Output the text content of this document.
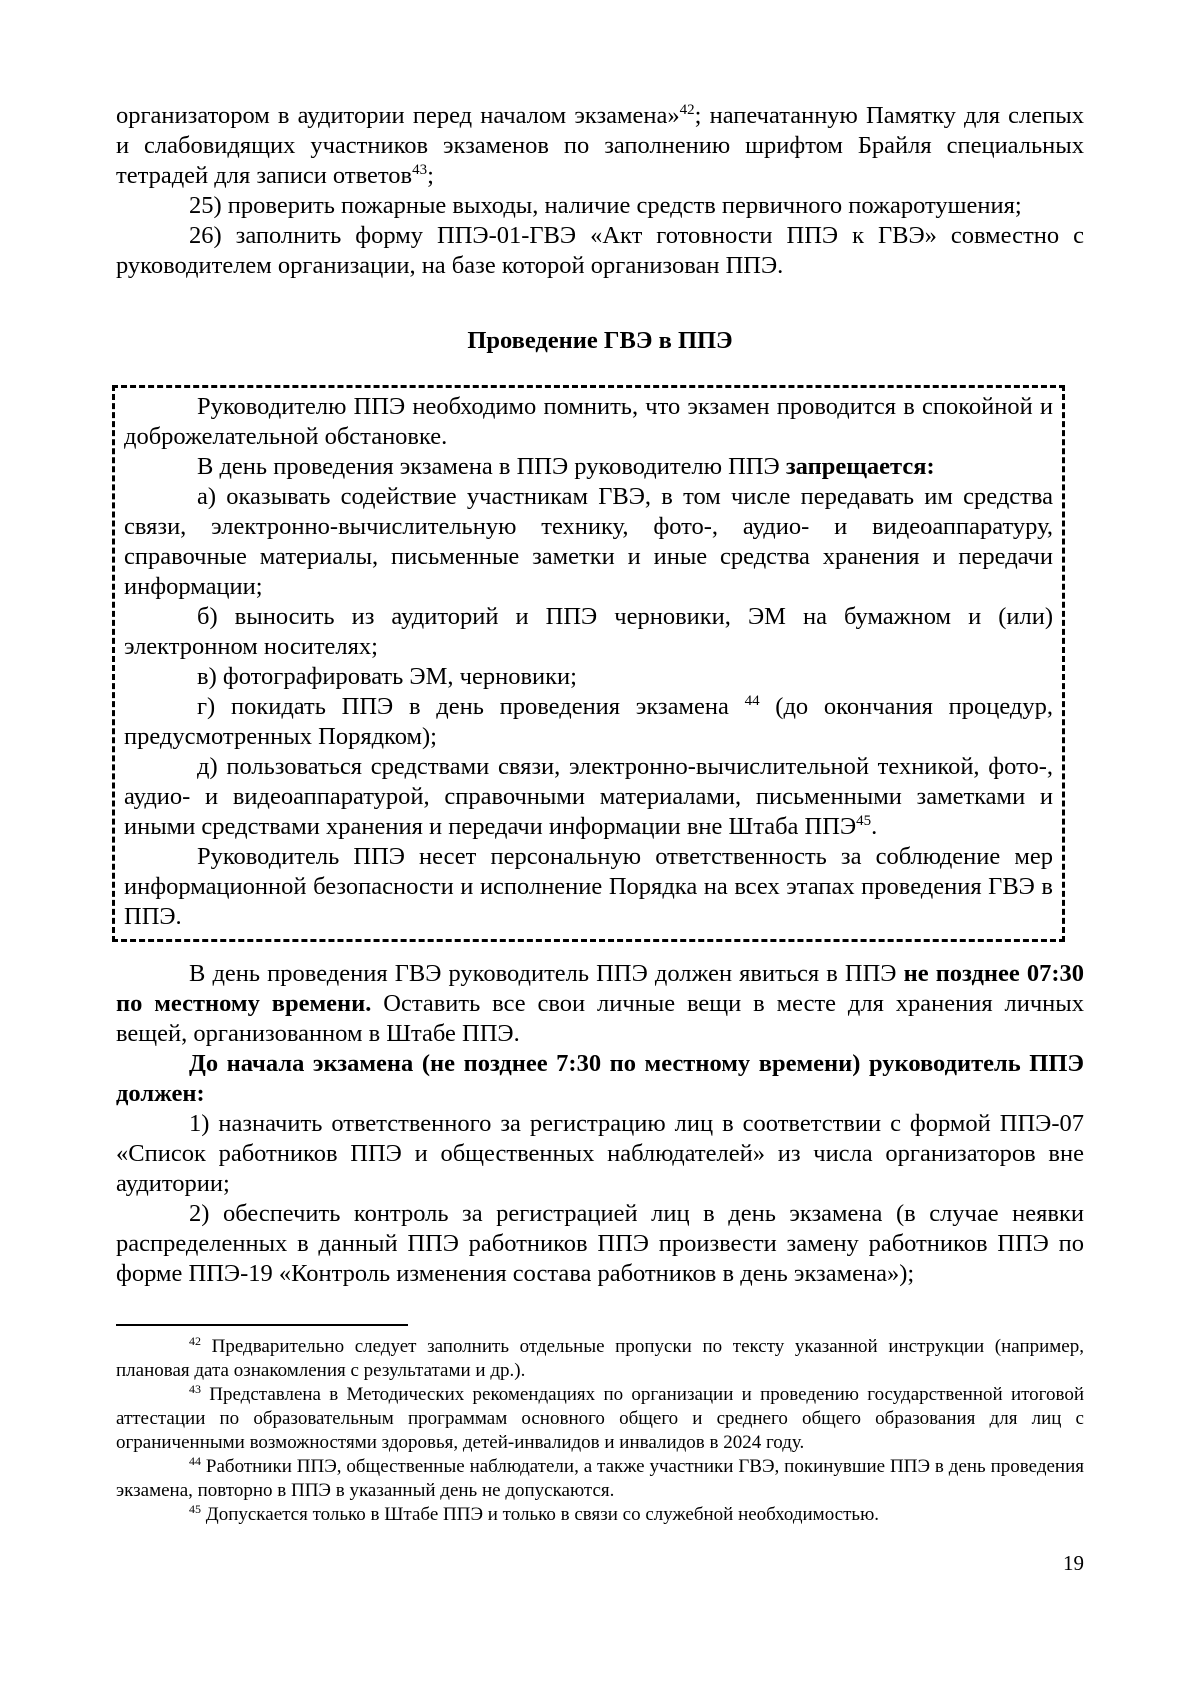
организатором в аудитории перед началом экзамена»$^{42}$; напечатанную Памятку для слепых и слабовидящих участников экзаменов по заполнению шрифтом Брайля специальных тетрадей для записи ответов$^{43}$;

25) проверить пожарные выходы, наличие средств первичного пожаротушения;

26) заполнить форму ППЭ-01-ГВЭ «Акт готовности ППЭ к ГВЭ» совместно с руководителем организации, на базе которой организован ППЭ.

Проведение ГВЭ в ППЭ

Руководителю ППЭ необходимо помнить, что экзамен проводится в спокойной и доброжелательной обстановке.

В день проведения экзамена в ППЭ руководителю ППЭ запрещается:

а) оказывать содействие участникам ГВЭ, в том числе передавать им средства связи, электронно-вычислительную технику, фото-, аудио- и видеоаппаратуру, справочные материалы, письменные заметки и иные средства хранения и передачи информации;

б) выносить из аудиторий и ППЭ черновики, ЭМ на бумажном и (или) электронном носителях;

в) фотографировать ЭМ, черновики;

г) покидать ППЭ в день проведения экзамена $^{44}$ (до окончания процедур, предусмотренных Порядком);

д) пользоваться средствами связи, электронно-вычислительной техникой, фото-, аудио- и видеоаппаратурой, справочными материалами, письменными заметками и иными средствами хранения и передачи информации вне Штаба ППЭ$^{45}$.

Руководитель ППЭ несет персональную ответственность за соблюдение мер информационной безопасности и исполнение Порядка на всех этапах проведения ГВЭ в ППЭ.

В день проведения ГВЭ руководитель ППЭ должен явиться в ППЭ не позднее 07:30 по местному времени. Оставить все свои личные вещи в месте для хранения личных вещей, организованном в Штабе ППЭ.

До начала экзамена (не позднее 7:30 по местному времени) руководитель ППЭ должен:

1) назначить ответственного за регистрацию лиц в соответствии с формой ППЭ-07 «Список работников ППЭ и общественных наблюдателей» из числа организаторов вне аудитории;

2) обеспечить контроль за регистрацией лиц в день экзамена (в случае неявки распределенных в данный ППЭ работников ППЭ произвести замену работников ППЭ по форме ППЭ-19 «Контроль изменения состава работников в день экзамена»);

$^{42}$ Предварительно следует заполнить отдельные пропуски по тексту указанной инструкции (например, плановая дата ознакомления с результатами и др.).

$^{43}$ Представлена в Методических рекомендациях по организации и проведению государственной итоговой аттестации по образовательным программам основного общего и среднего общего образования для лиц с ограниченными возможностями здоровья, детей-инвалидов и инвалидов в 2024 году.

$^{44}$ Работники ППЭ, общественные наблюдатели, а также участники ГВЭ, покинувшие ППЭ в день проведения экзамена, повторно в ППЭ в указанный день не допускаются.

$^{45}$ Допускается только в Штабе ППЭ и только в связи со служебной необходимостью.

19
